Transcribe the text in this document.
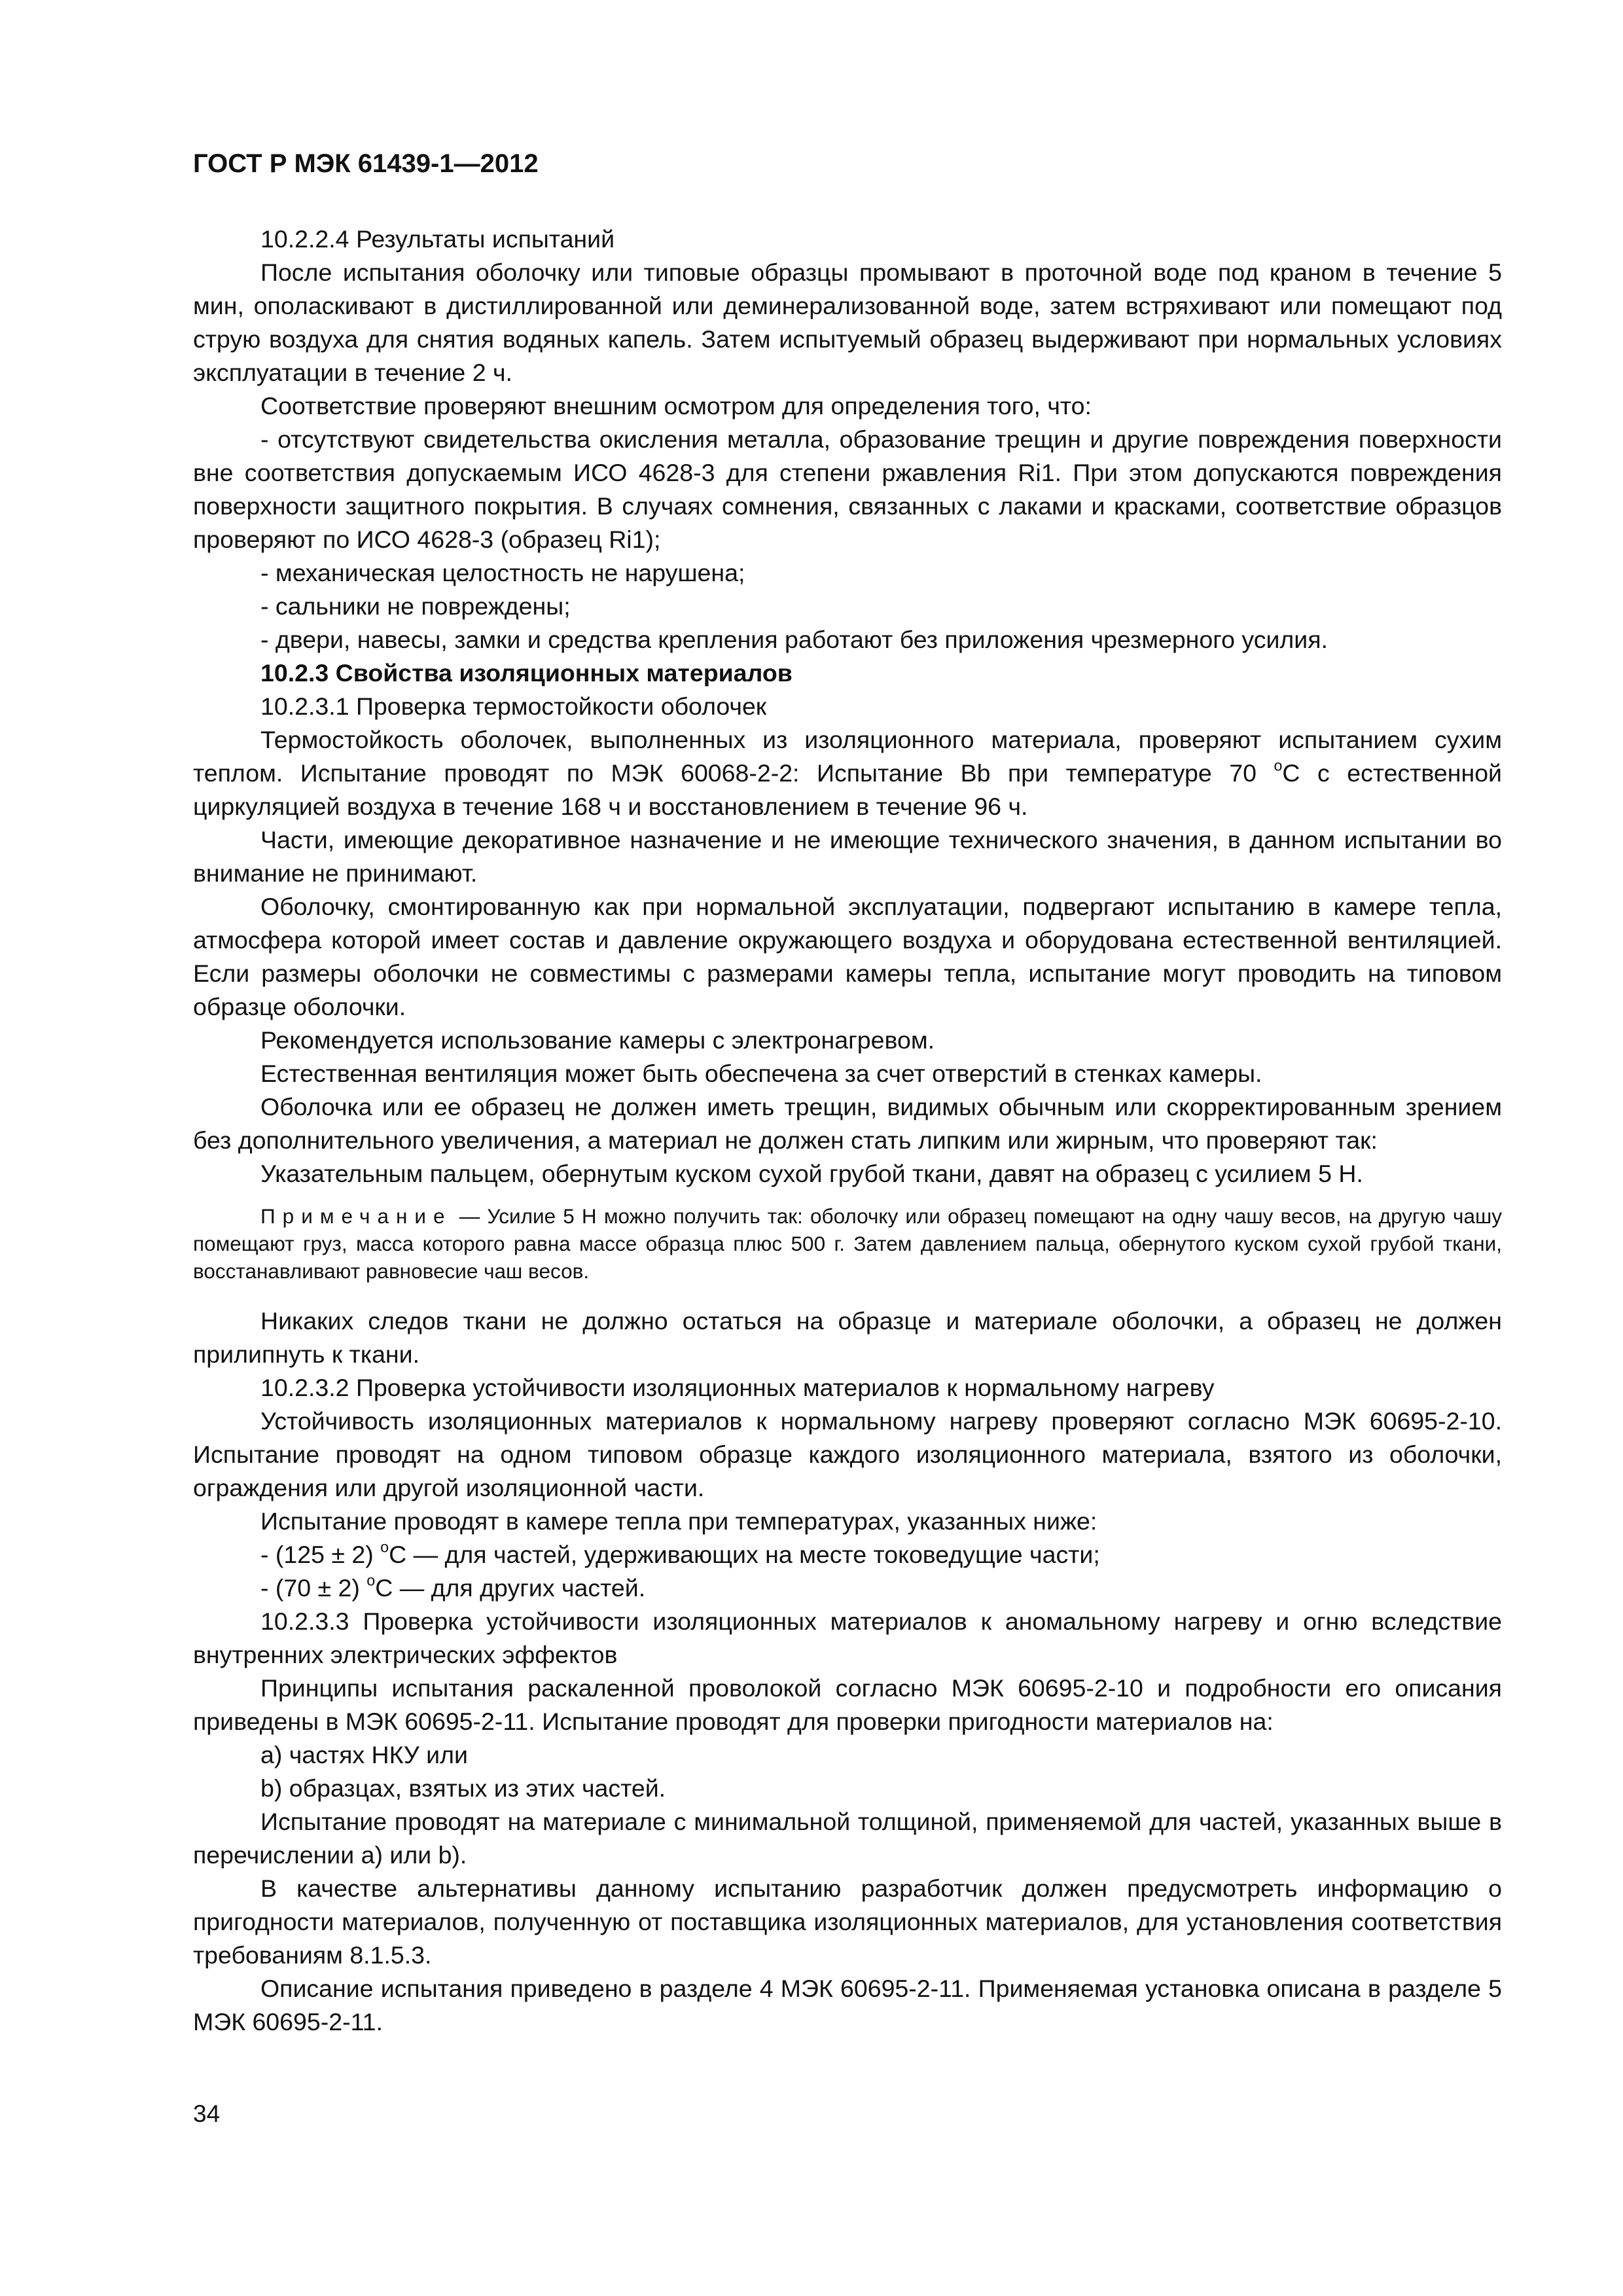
ГОСТ Р МЭК 61439-1—2012

10.2.2.4 Результаты испытаний

После испытания оболочку или типовые образцы промывают в проточной воде под краном в течение 5 мин, ополаскивают в дистиллированной или деминерализованной воде, затем встряхивают или помещают под струю воздуха для снятия водяных капель. Затем испытуемый образец выдерживают при нормальных условиях эксплуатации в течение 2 ч.

Соответствие проверяют внешним осмотром для определения того, что:

- отсутствуют свидетельства окисления металла, образование трещин и другие повреждения поверхности вне соответствия допускаемым ИСО 4628-3 для степени ржавления Ri1. При этом допускаются повреждения поверхности защитного покрытия. В случаях сомнения, связанных с лаками и красками, соответствие образцов проверяют по ИСО 4628-3 (образец Ri1);

- механическая целостность не нарушена;

- сальники не повреждены;

- двери, навесы, замки и средства крепления работают без приложения чрезмерного усилия.

10.2.3 Свойства изоляционных материалов

10.2.3.1 Проверка термостойкости оболочек

Термостойкость оболочек, выполненных из изоляционного материала, проверяют испытанием сухим теплом. Испытание проводят по МЭК 60068-2-2: Испытание Bb при температуре 70 $^o$C с естественной циркуляцией воздуха в течение 168 ч и восстановлением в течение 96 ч.

Части, имеющие декоративное назначение и не имеющие технического значения, в данном испытании во внимание не принимают.

Оболочку, смонтированную как при нормальной эксплуатации, подвергают испытанию в камере тепла, атмосфера которой имеет состав и давление окружающего воздуха и оборудована естественной вентиляцией. Если размеры оболочки не совместимы с размерами камеры тепла, испытание могут проводить на типовом образце оболочки.

Рекомендуется использование камеры с электронагревом.

Естественная вентиляция может быть обеспечена за счет отверстий в стенках камеры.

Оболочка или ее образец не должен иметь трещин, видимых обычным или скорректированным зрением без дополнительного увеличения, а материал не должен стать липким или жирным, что проверяют так:

Указательным пальцем, обернутым куском сухой грубой ткани, давят на образец с усилием 5 Н.

Примечание — Усилие 5 Н можно получить так: оболочку или образец помещают на одну чашу весов, на другую чашу помещают груз, масса которого равна массе образца плюс 500 г. Затем давлением пальца, обернутого куском сухой грубой ткани, восстанавливают равновесие чаш весов.

Никаких следов ткани не должно остаться на образце и материале оболочки, а образец не должен прилипнуть к ткани.

10.2.3.2 Проверка устойчивости изоляционных материалов к нормальному нагреву

Устойчивость изоляционных материалов к нормальному нагреву проверяют согласно МЭК 60695-2-10. Испытание проводят на одном типовом образце каждого изоляционного материала, взятого из оболочки, ограждения или другой изоляционной части.

Испытание проводят в камере тепла при температурах, указанных ниже:

- (125 ± 2) $^o$C — для частей, удерживающих на месте токоведущие части;

- (70 ± 2) $^o$C — для других частей.

10.2.3.3 Проверка устойчивости изоляционных материалов к аномальному нагреву и огню вследствие внутренних электрических эффектов

Принципы испытания раскаленной проволокой согласно МЭК 60695-2-10 и подробности его описания приведены в МЭК 60695-2-11. Испытание проводят для проверки пригодности материалов на:

a) частях НКУ или

b) образцах, взятых из этих частей.

Испытание проводят на материале с минимальной толщиной, применяемой для частей, указанных выше в перечислении a) или b).

В качестве альтернативы данному испытанию разработчик должен предусмотреть информацию о пригодности материалов, полученную от поставщика изоляционных материалов, для установления соответствия требованиям 8.1.5.3.

Описание испытания приведено в разделе 4 МЭК 60695-2-11. Применяемая установка описана в разделе 5 МЭК 60695-2-11.

34
